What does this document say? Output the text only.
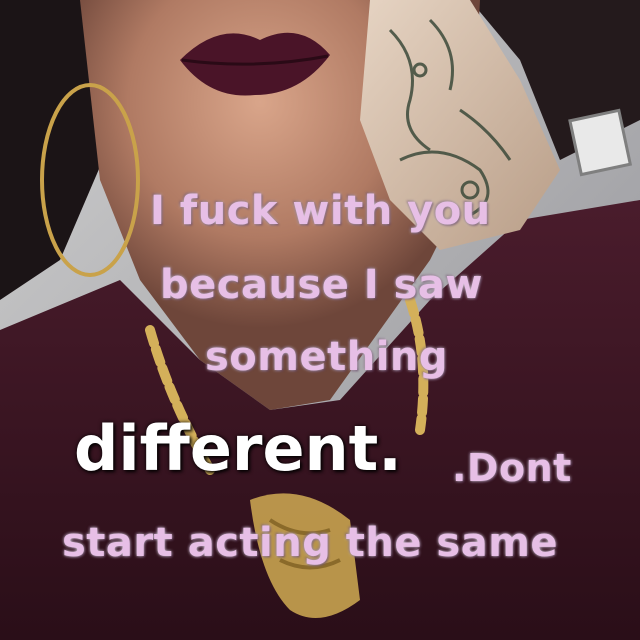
I fuck with you
because I saw
something
different. .Dont
start acting the same
